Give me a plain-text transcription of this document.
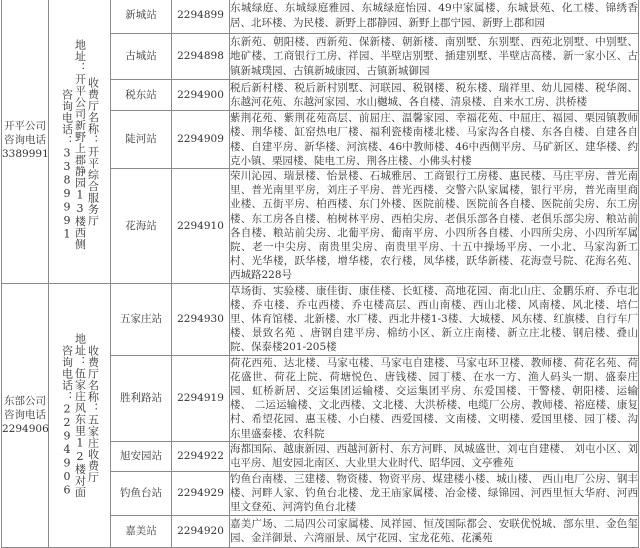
开平公司
咨询电话
3389991	收费厅名称：开平综合服务厅
地址：开平公司新野上郡静园13楼西侧
咨询电话：3389991
	新城站	2294899	东城绿庭、东城绿庭雅园、东城绿庭怡园、49中家属楼、东城景苑、化工楼、锦绣香居、北环楼、为民楼、新野上郡静园、新野上郡宁园、新野上郡和园
		古城站	2294898	东新苑、朝阳楼、西新苑、保新楼、朝新楼、南别墅、东别墅、西苑北别墅、中别墅、地矿楼、工商银行工房、祥园、半壁店别墅、插建别墅、半壁店高楼、新一家小区、古镇新城璞园、古镇新城康园、古镇新城御园
		税东站	2294900	税后新村楼、税后新村别墅、河联园、税钢楼、税东楼、瑞祥里、幼儿园楼、税华阁、东越河花苑、东越河家园、水山樾城、各自楼、清泉楼、自来水工房、洪桥楼
		陡河站	2294909	紫荆花苑、紫荆花苑高层、前屈庄、温馨家园、幸福花苑、中屈庄、福园、栗园镇教师楼、荆华楼、缸窑热电厂楼、福利瓷楼南楼北楼、马家沟各自楼、东各自楼、自建各自楼、自建平房、新华楼、河滨楼、46中教师楼、46中西侧平房、马矿新区、建华楼、约克小镇、栗园楼、陡电工房、荆各庄楼、小佛头村楼
		花海站	2294910	荣川沁园、瑞景楼、怡景楼、石城雅居、工商银行工房楼、惠民楼、马庄平房、普光南里、普光南里平房，刘庄子平房、普光西楼、交警六队家属楼，银行平房，普光南里商业楼、五街平房、柏西楼、东门外楼、医院前楼、医院前各自楼、医院前尖房、东工房楼、东工房各自楼、柏树林平房、西柏尖房、老俱乐部各自楼、老俱乐部尖房、粮站前各自楼、粮站前尖房、北葡平房、葡南平房、小四所各自楼、小四所尖房、小四所军属院、老一中尖房、南贵里尖房、南贵里平房、十五中操场平房、一小北、马家沟新工村、光华楼，跃华楼，增华楼，农行楼，凤华楼，跃华新楼、花海壹号院、花海名苑、西城路228号

东部公司
咨询电话
2294906	收费厅名称：五家庄收费厅
地址：伍家庄风东里12楼对面
咨询电话：2294906
	五家庄站	2294930	草场街、实验楼、康佳街、康佳楼、长虹楼、高地花园、南北山庄、金鹏乐府、乔屯北楼、乔屯楼、乔屯西楼、乔屯楼高层、西山南楼、西山北楼、风南楼、风北楼、培仁里、体育馆楼、北新楼、水厂楼、西北井楼1-3楼、大城楼、风东楼、红旗楼、自行车厂楼、景致名苑 、唐钢自建平房、棉纺小区、新立庄南楼、新立庄北楼、钢启楼、叠山院、保泰楼201-205楼
		胜利路站	2294919	荷花西苑、达北楼、马家屯楼、马家屯自建楼、马家屯环卫楼、教师楼、荷花名苑、荷花盛世、荷花上院、荷塘悦色、唐钱楼、园丁楼、在水一方、渔人码头一期、盛泰庄园、虹桥新居、交运集团运输楼、交运集团平房、东爱国楼、干警楼、朝阳楼、运输楼、 二运运输楼、文北西楼、文北楼、大洪桥楼、电缆厂公房、教师楼、裕庭楼、康复村、希望花园、惠玉楼、小白楼、西爱国楼、文南楼、文明楼、爱国里楼、园丁楼、沟东里盛泰楼、农科院
		旭安园站	2294922	海都国际、越康新园、西越河新村、东方河畔、凤城盛世、刘屯自建楼、 刘屯小区、刘屯平房、旭安园北南区、大业里大业时代、昭华园、文亭雅苑
		钓鱼台站	2294929	钓鱼台南楼、三建楼、物资楼、物资平房、煤建楼小楼、城山楼、 西山电厂公房、钢丰楼、河畔人家、钓鱼台北楼、龙王庙家属楼、冶金楼、绿锦园、河西里恒大华府、河西里文登苑、河湾钓鱼台北楼
		嘉美站	2294920	嘉美广场、二局四公司家属楼、凤祥园、恒茂国际都会、安联优悦城、部东里、金色玺园、金洋御景、六湾丽景、凤宁花园、宝龙花苑、花溪苑
